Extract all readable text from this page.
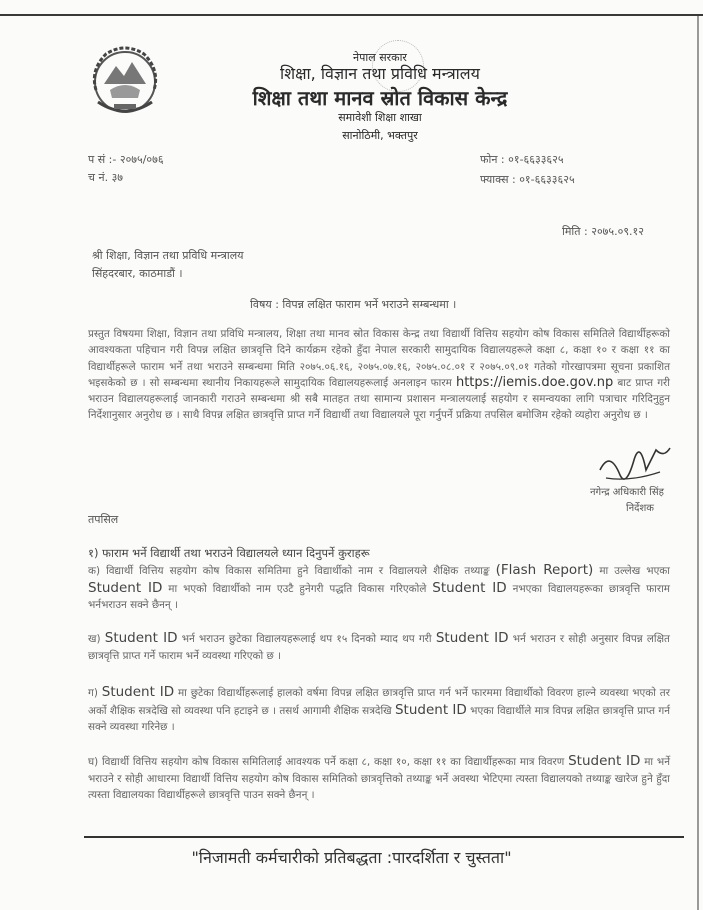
नेपाल सरकार
शिक्षा, विज्ञान तथा प्रविधि मन्त्रालय
शिक्षा तथा मानव स्रोत विकास केन्द्र
समावेशी शिक्षा शाखा
सानोठिमी, भक्तपुर
प सं :- २०७५/०७६
च नं. ३७
फोन : ०१-६६३३६२५
फ्याक्स : ०१-६६३३६२५
मिति : २०७५.०९.१२
श्री शिक्षा, विज्ञान तथा प्रविधि मन्त्रालय
सिंहदरबार, काठमाडौं ।
विषय : विपन्न लक्षित फाराम भर्ने भराउने सम्बन्धमा ।
प्रस्तुत विषयमा शिक्षा, विज्ञान तथा प्रविधि मन्त्रालय, शिक्षा तथा मानव स्रोत विकास केन्द्र तथा विद्यार्थी वित्तिय सहयोग कोष विकास समितिले विद्यार्थीहरूको आवश्यकता पहिचान गरी विपन्न लक्षित छात्रवृत्ति दिने कार्यक्रम रहेको हुँदा नेपाल सरकारी सामुदायिक विद्यालयहरूले कक्षा ८, कक्षा १० र कक्षा ११ का विद्यार्थीहरूले फाराम भर्ने तथा भराउने सम्बन्धमा मिति २०७५.०६.१६, २०७५.०७.१६, २०७५.०८.०१ र २०७५.०९.०१ गतेको गोरखापत्रमा सूचना प्रकाशित भइसकेको छ । सो सम्बन्धमा स्थानीय निकायहरूले सामुदायिक विद्यालयहरूलाई अनलाइन फारम https://iemis.doe.gov.np बाट प्राप्त गरी भराउन विद्यालयहरूलाई जानकारी गराउने सम्बन्धमा श्री सबै मातहत तथा सामान्य प्रशासन मन्त्रालयलाई सहयोग र समन्वयका लागि पत्राचार गरिदिनुहुन निर्देशानुसार अनुरोध छ । साथै विपन्न लक्षित छात्रवृत्ति प्राप्त गर्ने विद्यार्थी तथा विद्यालयले पूरा गर्नुपर्ने प्रक्रिया तपसिल बमोजिम रहेको व्यहोरा अनुरोध छ ।
नगेन्द्र अधिकारी सिंह
निर्देशक
तपसिल
१) फाराम भर्ने विद्यार्थी तथा भराउने विद्यालयले ध्यान दिनुपर्ने कुराहरू
क) विद्यार्थी वित्तिय सहयोग कोष विकास समितिमा हुने विद्यार्थीको नाम र विद्यालयले शैक्षिक तथ्याङ्क (Flash Report) मा उल्लेख भएका Student ID मा भएको विद्यार्थीको नाम एउटै हुनेगरी पद्धति विकास गरिएकोले Student ID नभएका विद्यालयहरूका छात्रवृत्ति फाराम भर्नभराउन सक्ने छैनन् ।
ख) Student ID भर्न भराउन छुटेका विद्यालयहरूलाई थप १५ दिनको म्याद थप गरी Student ID भर्न भराउन र सोही अनुसार विपन्न लक्षित छात्रवृत्ति प्राप्त गर्ने फाराम भर्ने व्यवस्था गरिएको छ ।
ग) Student ID मा छुटेका विद्यार्थीहरूलाई हालको वर्षमा विपन्न लक्षित छात्रवृत्ति प्राप्त गर्न भर्ने फारममा विद्यार्थीको विवरण हाल्ने व्यवस्था भएको तर अर्को शैक्षिक सत्रदेखि सो व्यवस्था पनि हटाइने छ । तसर्थ आगामी शैक्षिक सत्रदेखि Student ID भएका विद्यार्थीले मात्र विपन्न लक्षित छात्रवृत्ति प्राप्त गर्न सक्ने व्यवस्था गरिनेछ ।
घ) विद्यार्थी वित्तिय सहयोग कोष विकास समितिलाई आवश्यक पर्ने कक्षा ८, कक्षा १०, कक्षा ११ का विद्यार्थीहरूका मात्र विवरण Student ID मा भर्ने भराउने र सोही आधारमा विद्यार्थी वित्तिय सहयोग कोष विकास समितिको छात्रवृत्तिको तथ्याङ्क भर्ने अवस्था भेटिएमा त्यस्ता विद्यालयको तथ्याङ्क खारेज हुने हुँदा त्यस्ता विद्यालयका विद्यार्थीहरूले छात्रवृत्ति पाउन सक्ने छैनन् ।
"निजामती कर्मचारीको प्रतिबद्धता :पारदर्शिता र चुस्तता"
